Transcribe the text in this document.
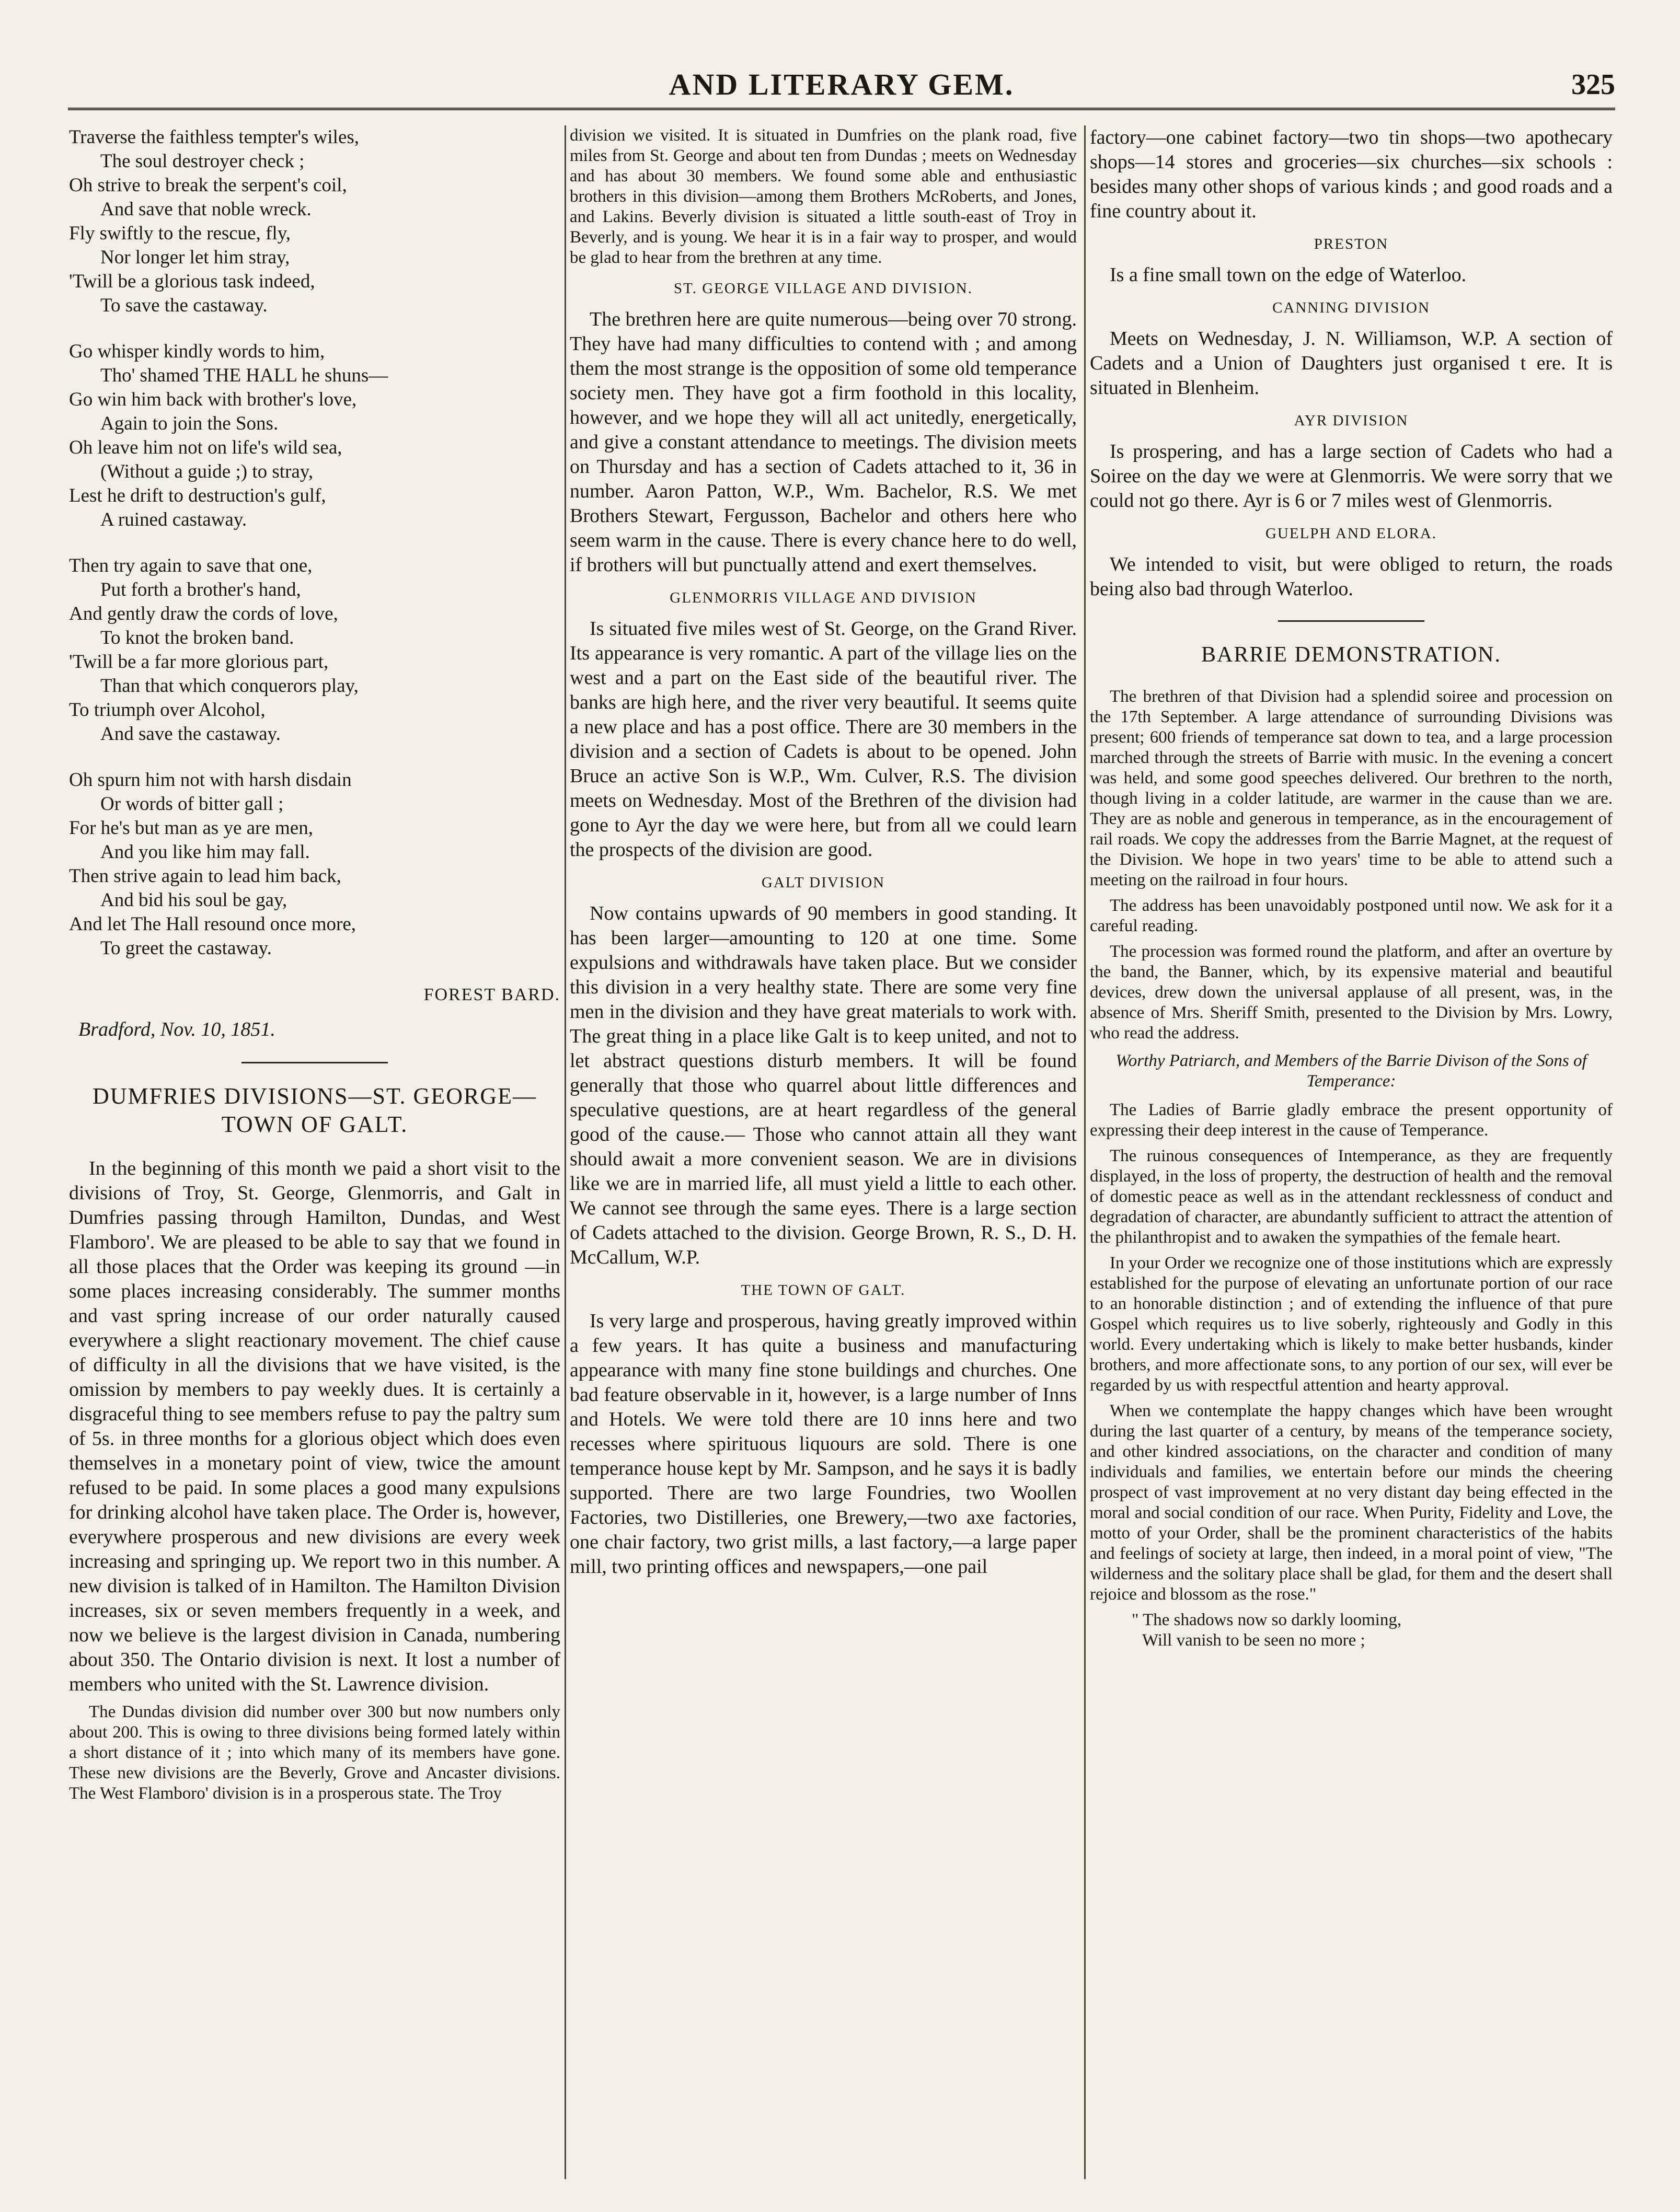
AND LITERARY GEM.	325

Traverse the faithless tempter's wiles,

The soul destroyer check ;

Oh strive to break the serpent's coil,

And save that noble wreck.

Fly swiftly to the rescue, fly,

Nor longer let him stray,

'Twill be a glorious task indeed,

To save the castaway.

Go whisper kindly words to him,

Tho' shamed THE HALL he shuns—

Go win him back with brother's love,

Again to join the Sons.

Oh leave him not on life's wild sea,

(Without a guide ;) to stray,

Lest he drift to destruction's gulf,

A ruined castaway.

Then try again to save that one,

Put forth a brother's hand,

And gently draw the cords of love,

To knot the broken band.

'Twill be a far more glorious part,

Than that which conquerors play,

To triumph over Alcohol,

And save the castaway.

Oh spurn him not with harsh disdain

Or words of bitter gall ;

For he's but man as ye are men,

And you like him may fall.

Then strive again to lead him back,

And bid his soul be gay,

And let The Hall resound once more,

To greet the castaway.

FOREST BARD.
Bradford, Nov. 10, 1851.
DUMFRIES DIVISIONS—ST. GEORGE— TOWN OF GALT.

In the beginning of this month we paid a short visit to the divisions of Troy, St. George, Glenmorris, and Galt in Dumfries passing through Hamilton, Dundas, and West Flamboro'. We are pleased to be able to say that we found in all those places that the Order was keeping its ground —in some places increasing considerably. The summer months and vast spring increase of our order naturally caused everywhere a slight reactionary movement. The chief cause of difficulty in all the divisions that we have visited, is the omission by members to pay weekly dues. It is certainly a disgraceful thing to see members refuse to pay the paltry sum of 5s. in three months for a glorious object which does even themselves in a monetary point of view, twice the amount refused to be paid. In some places a good many expulsions for drinking alcohol have taken place. The Order is, however, everywhere prosperous and new divisions are every week increasing and springing up. We report two in this number. A new division is talked of in Hamilton. The Hamilton Division increases, six or seven members frequently in a week, and now we believe is the largest division in Canada, numbering about 350. The Ontario division is next. It lost a number of members who united with the St. Lawrence division.

The Dundas division did number over 300 but now numbers only about 200. This is owing to three divisions being formed lately within a short distance of it ; into which many of its members have gone. These new divisions are the Beverly, Grove and Ancaster divisions. The West Flamboro' division is in a prosperous state. The Troy

division we visited. It is situated in Dumfries on the plank road, five miles from St. George and about ten from Dundas ; meets on Wednesday and has about 30 members. We found some able and enthusiastic brothers in this division—among them Brothers McRoberts, and Jones, and Lakins. Beverly division is situated a little south-east of Troy in Beverly, and is young. We hear it is in a fair way to prosper, and would be glad to hear from the brethren at any time.

ST. GEORGE VILLAGE AND DIVISION.

The brethren here are quite numerous—being over 70 strong. They have had many difficulties to contend with ; and among them the most strange is the opposition of some old temperance society men. They have got a firm foothold in this locality, however, and we hope they will all act unitedly, energetically, and give a constant attendance to meetings. The division meets on Thursday and has a section of Cadets attached to it, 36 in number. Aaron Patton, W.P., Wm. Bachelor, R.S. We met Brothers Stewart, Fergusson, Bachelor and others here who seem warm in the cause. There is every chance here to do well, if brothers will but punctually attend and exert themselves.

GLENMORRIS VILLAGE AND DIVISION

Is situated five miles west of St. George, on the Grand River. Its appearance is very romantic. A part of the village lies on the west and a part on the East side of the beautiful river. The banks are high here, and the river very beautiful. It seems quite a new place and has a post office. There are 30 members in the division and a section of Cadets is about to be opened. John Bruce an active Son is W.P., Wm. Culver, R.S. The division meets on Wednesday. Most of the Brethren of the division had gone to Ayr the day we were here, but from all we could learn the prospects of the division are good.

GALT DIVISION

Now contains upwards of 90 members in good standing. It has been larger—amounting to 120 at one time. Some expulsions and withdrawals have taken place. But we consider this division in a very healthy state. There are some very fine men in the division and they have great materials to work with. The great thing in a place like Galt is to keep united, and not to let abstract questions disturb members. It will be found generally that those who quarrel about little differences and speculative questions, are at heart regardless of the general good of the cause.— Those who cannot attain all they want should await a more convenient season. We are in divisions like we are in married life, all must yield a little to each other. We cannot see through the same eyes. There is a large section of Cadets attached to the division. George Brown, R. S., D. H. McCallum, W.P.

THE TOWN OF GALT.

Is very large and prosperous, having greatly improved within a few years. It has quite a business and manufacturing appearance with many fine stone buildings and churches. One bad feature observable in it, however, is a large number of Inns and Hotels. We were told there are 10 inns here and two recesses where spirituous liquours are sold. There is one temperance house kept by Mr. Sampson, and he says it is badly supported. There are two large Foundries, two Woollen Factories, two Distilleries, one Brewery,—two axe factories, one chair factory, two grist mills, a last factory,—a large paper mill, two printing offices and newspapers,—one pail

factory—one cabinet factory—two tin shops—two apothecary shops—14 stores and groceries—six churches—six schools : besides many other shops of various kinds ; and good roads and a fine country about it.

PRESTON

Is a fine small town on the edge of Waterloo.

CANNING DIVISION

Meets on Wednesday, J. N. Williamson, W.P. A section of Cadets and a Union of Daughters just organised t ere. It is situated in Blenheim.

AYR DIVISION

Is prospering, and has a large section of Cadets who had a Soiree on the day we were at Glenmorris. We were sorry that we could not go there. Ayr is 6 or 7 miles west of Glenmorris.

GUELPH AND ELORA.

We intended to visit, but were obliged to return, the roads being also bad through Waterloo.

BARRIE DEMONSTRATION.

The brethren of that Division had a splendid soiree and procession on the 17th September. A large attendance of surrounding Divisions was present; 600 friends of temperance sat down to tea, and a large procession marched through the streets of Barrie with music. In the evening a concert was held, and some good speeches delivered. Our brethren to the north, though living in a colder latitude, are warmer in the cause than we are. They are as noble and generous in temperance, as in the encouragement of rail roads. We copy the addresses from the Barrie Magnet, at the request of the Division. We hope in two years' time to be able to attend such a meeting on the railroad in four hours.

The address has been unavoidably postponed until now. We ask for it a careful reading.

The procession was formed round the platform, and after an overture by the band, the Banner, which, by its expensive material and beautiful devices, drew down the universal applause of all present, was, in the absence of Mrs. Sheriff Smith, presented to the Division by Mrs. Lowry, who read the address.

Worthy Patriarch, and Members of the Barrie Divison of the Sons of Temperance:

The Ladies of Barrie gladly embrace the present opportunity of expressing their deep interest in the cause of Temperance.

The ruinous consequences of Intemperance, as they are frequently displayed, in the loss of property, the destruction of health and the removal of domestic peace as well as in the attendant recklessness of conduct and degradation of character, are abundantly sufficient to attract the attention of the philanthropist and to awaken the sympathies of the female heart.

In your Order we recognize one of those institutions which are expressly established for the purpose of elevating an unfortunate portion of our race to an honorable distinction ; and of extending the influence of that pure Gospel which requires us to live soberly, righteously and Godly in this world. Every undertaking which is likely to make better husbands, kinder brothers, and more affectionate sons, to any portion of our sex, will ever be regarded by us with respectful attention and hearty approval.

When we contemplate the happy changes which have been wrought during the last quarter of a century, by means of the temperance society, and other kindred associations, on the character and condition of many individuals and families, we entertain before our minds the cheering prospect of vast improvement at no very distant day being effected in the moral and social condition of our race. When Purity, Fidelity and Love, the motto of your Order, shall be the prominent characteristics of the habits and feelings of society at large, then indeed, in a moral point of view, "The wilderness and the solitary place shall be glad, for them and the desert shall rejoice and blossom as the rose."

" The shadows now so darkly looming,

Will vanish to be seen no more ;
